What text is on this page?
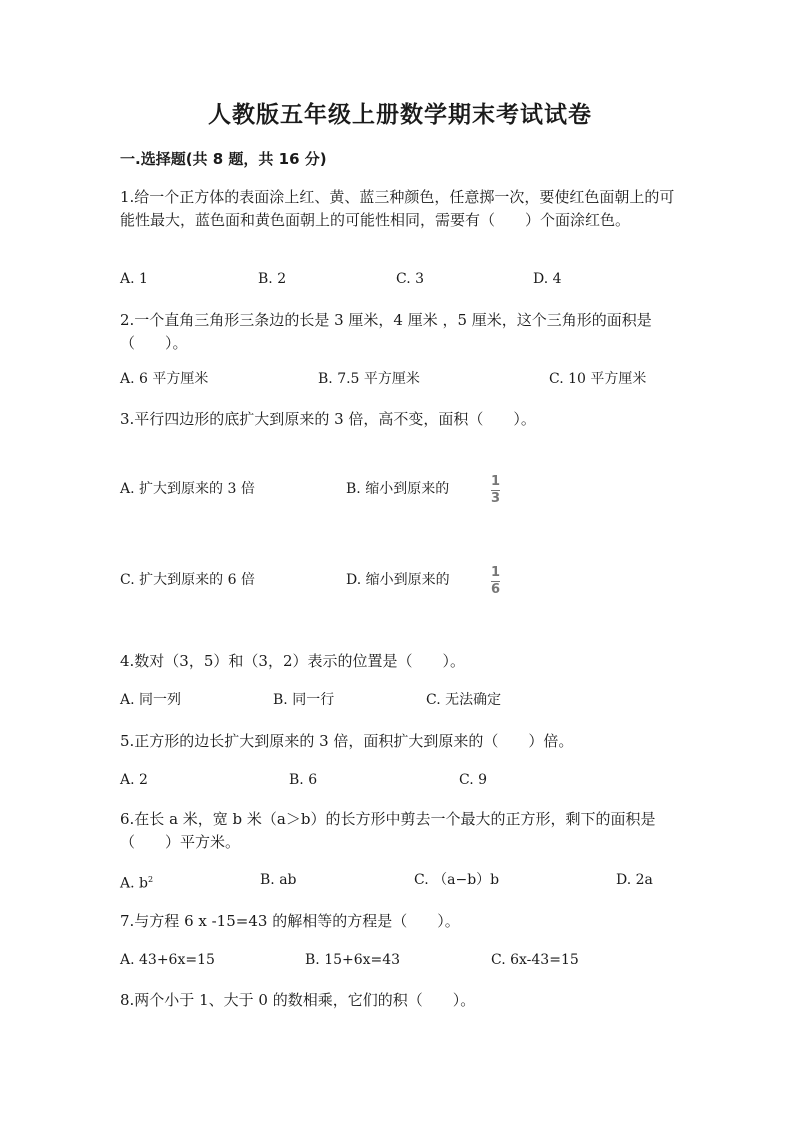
人教版五年级上册数学期末考试试卷
一.选择题(共 8 题，共 16 分)
1.给一个正方体的表面涂上红、黄、蓝三种颜色，任意掷一次，要使红色面朝上的可能性最大，蓝色面和黄色面朝上的可能性相同，需要有（　　）个面涂红色。
A. 1	B. 2	C. 3	D. 4
2.一个直角三角形三条边的长是 3 厘米，4 厘米 ，5 厘米，这个三角形的面积是（　　）。
A. 6 平方厘米	B. 7.5 平方厘米	C. 10 平方厘米
3.平行四边形的底扩大到原来的 3 倍，高不变，面积（　　）。
A. 扩大到原来的 3 倍	B. 缩小到原来的	1
3
C. 扩大到原来的 6 倍	D. 缩小到原来的	1
6
4.数对（3，5）和（3，2）表示的位置是（　　）。
A. 同一列	B. 同一行	C. 无法确定
5.正方形的边长扩大到原来的 3 倍，面积扩大到原来的（　　）倍。
A. 2	B. 6	C. 9
6.在长 a 米，宽 b 米（a＞b）的长方形中剪去一个最大的正方形，剩下的面积是（　　）平方米。
A. $b^2$	B. ab	C. （a−b）b	D. 2a
7.与方程 6 x -15=43 的解相等的方程是（　　）。
A. 43+6x=15	B. 15+6x=43	C. 6x-43=15
8.两个小于 1、大于 0 的数相乘，它们的积（　　）。
